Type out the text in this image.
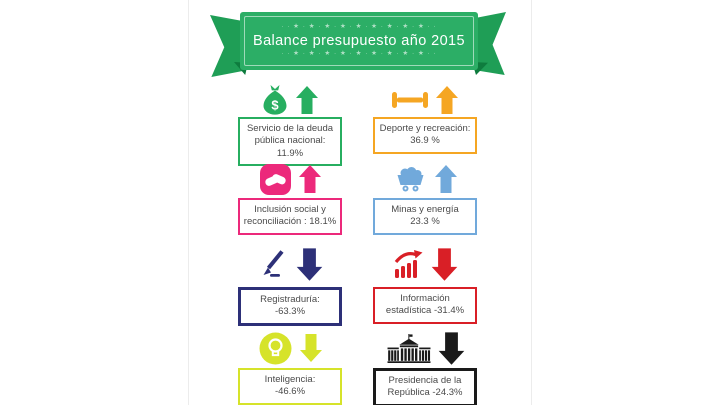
· · ★ · ★ · ★ · ★ · ★ · ★ · ★ · ★ · ★ · ·
Balance presupuesto año 2015
· · ★ · ★ · ★ · ★ · ★ · ★ · ★ · ★ · ★ · ·
$
Servicio de la deuda
pública nacional: 11.9%
Deporte y recreación:
36.9 %
Inclusión social y
reconciliación : 18.1%
Minas y energía
23.3 %
Registraduría:
-63.3%
Información
estadística -31.4%
Inteligencia:
-46.6%
Presidencia de la
República -24.3%
